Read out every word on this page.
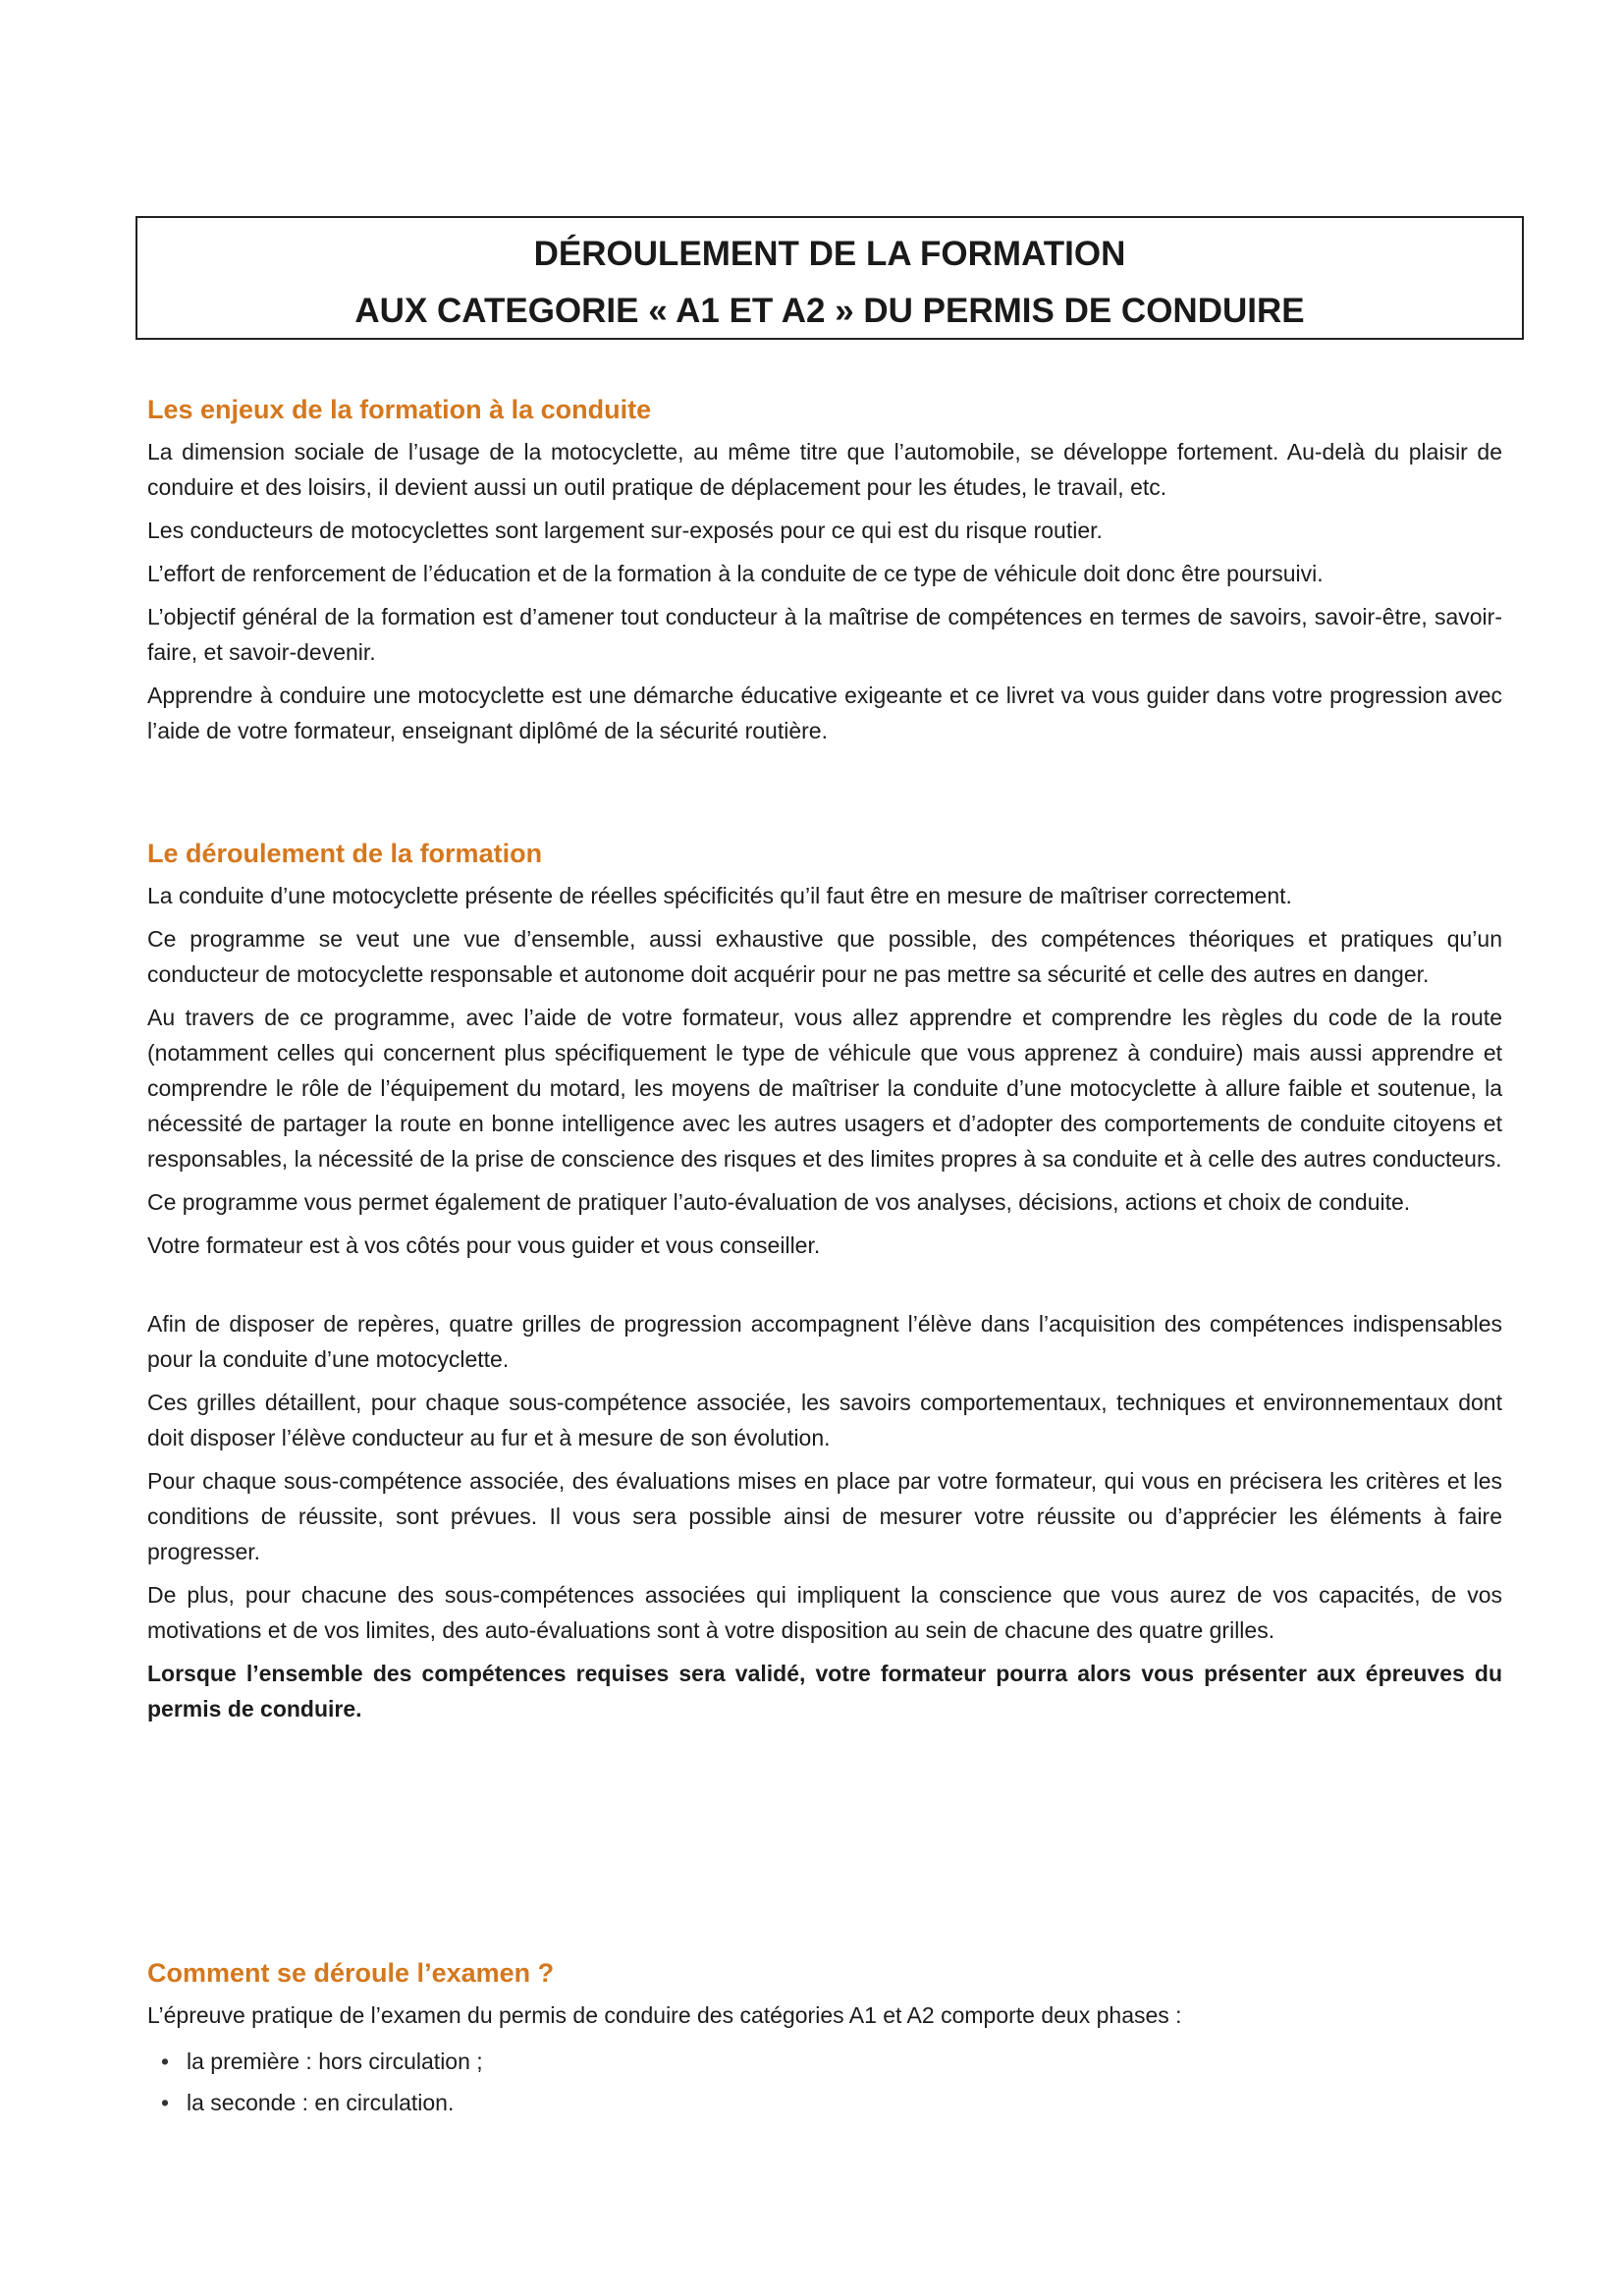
DÉROULEMENT DE LA FORMATION

AUX CATEGORIE « A1 ET A2 » DU PERMIS DE CONDUIRE

Les enjeux de la formation à la conduite

La dimension sociale de l’usage de la motocyclette, au même titre que l’automobile, se développe fortement. Au-delà du plaisir de conduire et des loisirs, il devient aussi un outil pratique de déplacement pour les études, le travail, etc.

Les conducteurs de motocyclettes sont largement sur-exposés pour ce qui est du risque routier.

L’effort de renforcement de l’éducation et de la formation à la conduite de ce type de véhicule doit donc être poursuivi.

L’objectif général de la formation est d’amener tout conducteur à la maîtrise de compétences en termes de savoirs, savoir-être, savoir-faire, et savoir-devenir.

Apprendre à conduire une motocyclette est une démarche éducative exigeante et ce livret va vous guider dans votre progression avec l’aide de votre formateur, enseignant diplômé de la sécurité routière.

Le déroulement de la formation

La conduite d’une motocyclette présente de réelles spécificités qu’il faut être en mesure de maîtriser correctement.

Ce programme se veut une vue d’ensemble, aussi exhaustive que possible, des compétences théoriques et pratiques qu’un conducteur de motocyclette responsable et autonome doit acquérir pour ne pas mettre sa sécurité et celle des autres en danger.

Au travers de ce programme, avec l’aide de votre formateur, vous allez apprendre et comprendre les règles du code de la route (notamment celles qui concernent plus spécifiquement le type de véhicule que vous apprenez à conduire) mais aussi apprendre et comprendre le rôle de l’équipement du motard, les moyens de maîtriser la conduite d’une motocyclette à allure faible et soutenue, la nécessité de partager la route en bonne intelligence avec les autres usagers et d’adopter des comportements de conduite citoyens et responsables, la nécessité de la prise de conscience des risques et des limites propres à sa conduite et à celle des autres conducteurs.

Ce programme vous permet également de pratiquer l’auto-évaluation de vos analyses, décisions, actions et choix de conduite.

Votre formateur est à vos côtés pour vous guider et vous conseiller.

Afin de disposer de repères, quatre grilles de progression accompagnent l’élève dans l’acquisition des compétences indispensables pour la conduite d’une motocyclette.

Ces grilles détaillent, pour chaque sous-compétence associée, les savoirs comportementaux, techniques et environnementaux dont doit disposer l’élève conducteur au fur et à mesure de son évolution.

Pour chaque sous-compétence associée, des évaluations mises en place par votre formateur, qui vous en précisera les critères et les conditions de réussite, sont prévues. Il vous sera possible ainsi de mesurer votre réussite ou d’apprécier les éléments à faire progresser.

De plus, pour chacune des sous-compétences associées qui impliquent la conscience que vous aurez de vos capacités, de vos motivations et de vos limites, des auto-évaluations sont à votre disposition au sein de chacune des quatre grilles.

Lorsque l’ensemble des compétences requises sera validé, votre formateur pourra alors vous présenter aux épreuves du permis de conduire.

Comment se déroule l’examen ?

L’épreuve pratique de l’examen du permis de conduire des catégories A1 et A2 comporte deux phases :

• la première : hors circulation ;
• la seconde : en circulation.
